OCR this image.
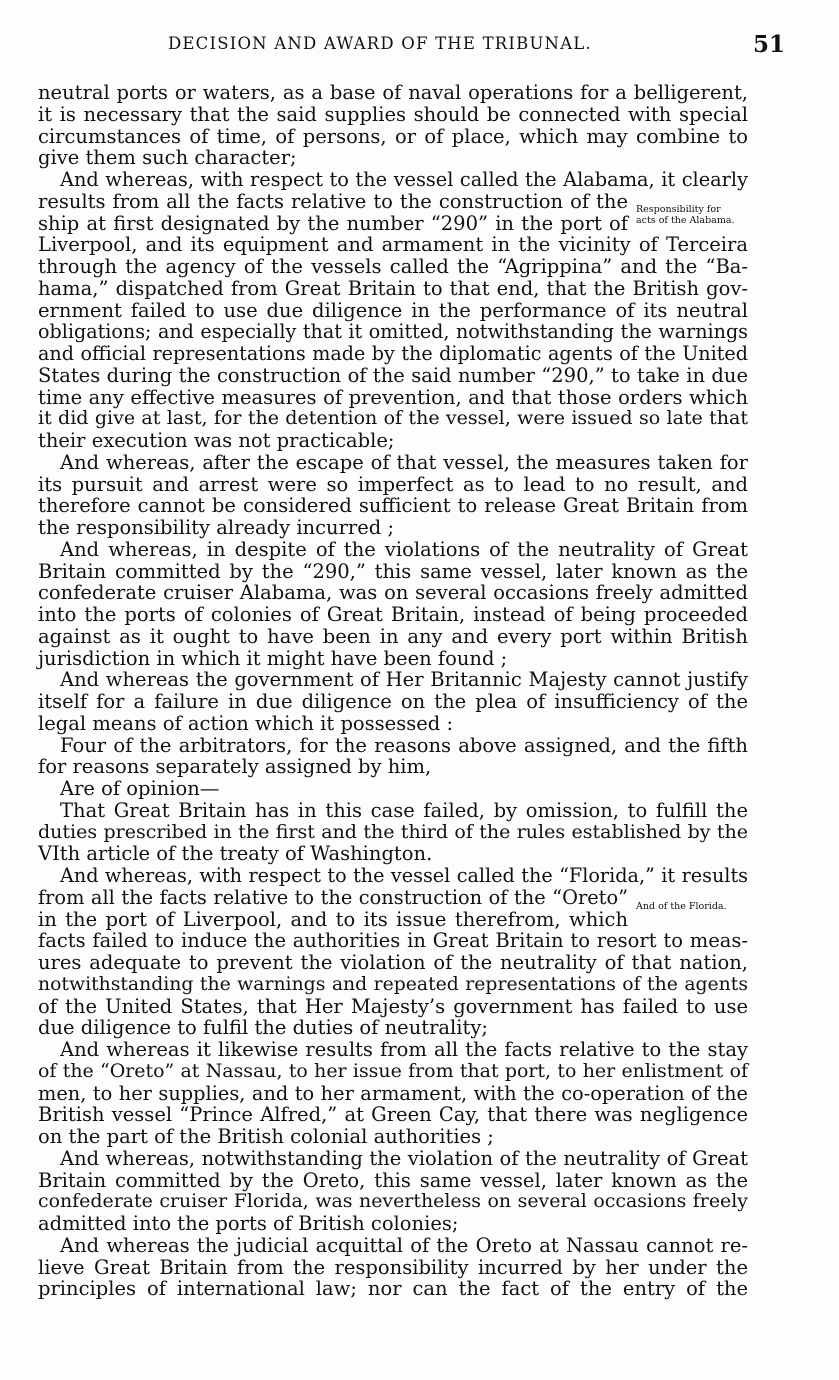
DECISION AND AWARD OF THE TRIBUNAL.	51
Responsibility for
acts of the Alabama.
And of the Florida.
neutral ports or waters, as a base of naval operations for a belligerent,
it is necessary that the said supplies should be connected with special
circumstances of time, of persons, or of place, which may combine to
give them such character;
And whereas, with respect to the vessel called the Alabama, it clearly
results from all the facts relative to the construction of the
ship at first designated by the number “290” in the port of
Liverpool, and its equipment and armament in the vicinity of Terceira
through the agency of the vessels called the “Agrippina” and the “Ba-
hama,” dispatched from Great Britain to that end, that the British gov-
ernment failed to use due diligence in the performance of its neutral
obligations; and especially that it omitted, notwithstanding the warnings
and official representations made by the diplomatic agents of the United
States during the construction of the said number “290,” to take in due
time any effective measures of prevention, and that those orders which
it did give at last, for the detention of the vessel, were issued so late that
their execution was not practicable;
And whereas, after the escape of that vessel, the measures taken for
its pursuit and arrest were so imperfect as to lead to no result, and
therefore cannot be considered sufficient to release Great Britain from
the responsibility already incurred ;
And whereas, in despite of the violations of the neutrality of Great
Britain committed by the “290,” this same vessel, later known as the
confederate cruiser Alabama, was on several occasions freely admitted
into the ports of colonies of Great Britain, instead of being proceeded
against as it ought to have been in any and every port within British
jurisdiction in which it might have been found ;
And whereas the government of Her Britannic Majesty cannot justify
itself for a failure in due diligence on the plea of insufficiency of the
legal means of action which it possessed :
Four of the arbitrators, for the reasons above assigned, and the fifth
for reasons separately assigned by him,
Are of opinion—
That Great Britain has in this case failed, by omission, to fulfill the
duties prescribed in the first and the third of the rules established by the
VIth article of the treaty of Washington.
And whereas, with respect to the vessel called the “Florida,” it results
from all the facts relative to the construction of the “Oreto”
in the port of Liverpool, and to its issue therefrom, which
facts failed to induce the authorities in Great Britain to resort to meas-
ures adequate to prevent the violation of the neutrality of that nation,
notwithstanding the warnings and repeated representations of the agents
of the United States, that Her Majesty’s government has failed to use
due diligence to fulfil the duties of neutrality;
And whereas it likewise results from all the facts relative to the stay
of the “Oreto” at Nassau, to her issue from that port, to her enlistment of
men, to her supplies, and to her armament, with the co-operation of the
British vessel “Prince Alfred,” at Green Cay, that there was negligence
on the part of the British colonial authorities ;
And whereas, notwithstanding the violation of the neutrality of Great
Britain committed by the Oreto, this same vessel, later known as the
confederate cruiser Florida, was nevertheless on several occasions freely
admitted into the ports of British colonies;
And whereas the judicial acquittal of the Oreto at Nassau cannot re-
lieve Great Britain from the responsibility incurred by her under the
principles of international law; nor can the fact of the entry of the
